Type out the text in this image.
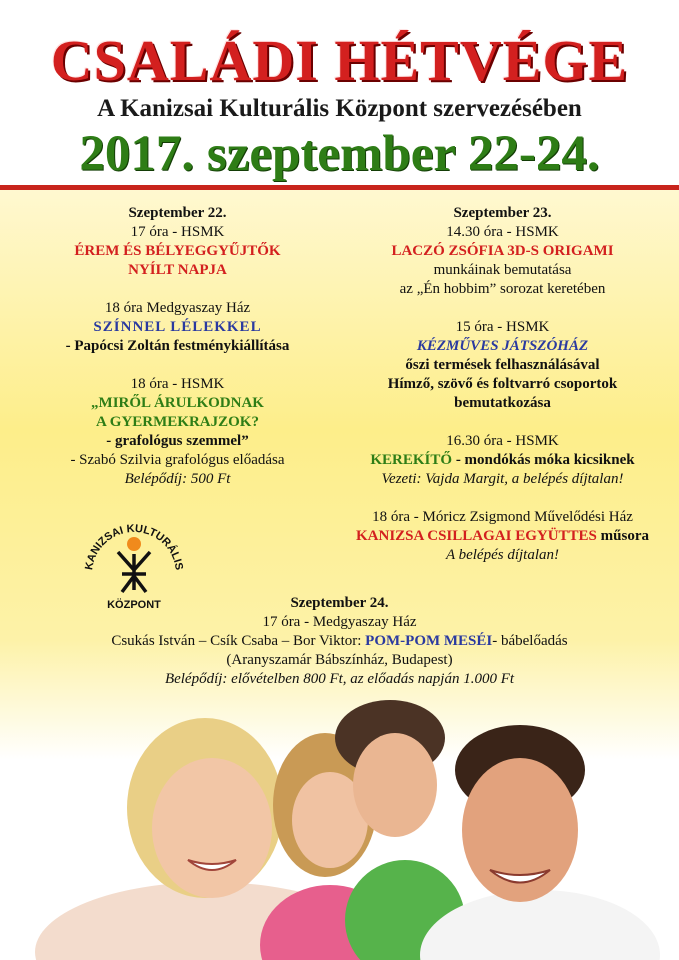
CSALÁDI HÉTVÉGE
A Kanizsai Kulturális Központ szervezésében
2017. szeptember 22-24.

Szeptember 22.

17 óra - HSMK

ÉREM ÉS BÉLYEGGYŰJTŐK

NYÍLT NAPJA

18 óra Medgyaszay Ház

SZÍNNEL LÉLEKKEL

- Papócsi Zoltán festménykiállítása

18 óra - HSMK

„MIRŐL ÁRULKODNAK

A GYERMEKRAJZOK?

- grafológus szemmel”

- Szabó Szilvia grafológus előadása

Belépődíj: 500 Ft

Szeptember 23.

14.30 óra - HSMK

LACZÓ ZSÓFIA 3D-S ORIGAMI

munkáinak bemutatása

az „Én hobbim” sorozat keretében

15 óra - HSMK

KÉZMŰVES JÁTSZÓHÁZ

őszi termések felhasználásával

Hímző, szövő és foltvarró csoportok

bemutatkozása

16.30 óra - HSMK

KEREKÍTŐ - mondókás móka kicsiknek

Vezeti: Vajda Margit, a belépés díjtalan!

18 óra - Móricz Zsigmond Művelődési Ház

KANIZSA CSILLAGAI EGYÜTTES műsora

A belépés díjtalan!

KANIZSAI KULTURÁLIS
KÖZPONT	Szeptember 24.

17 óra - Medgyaszay Ház

Csukás István – Csík Csaba – Bor Viktor: POM-POM MESÉI- bábelőadás

(Aranyszamár Bábszínház, Budapest)

Belépődíj: elővételben 800 Ft, az előadás napján 1.000 Ft
